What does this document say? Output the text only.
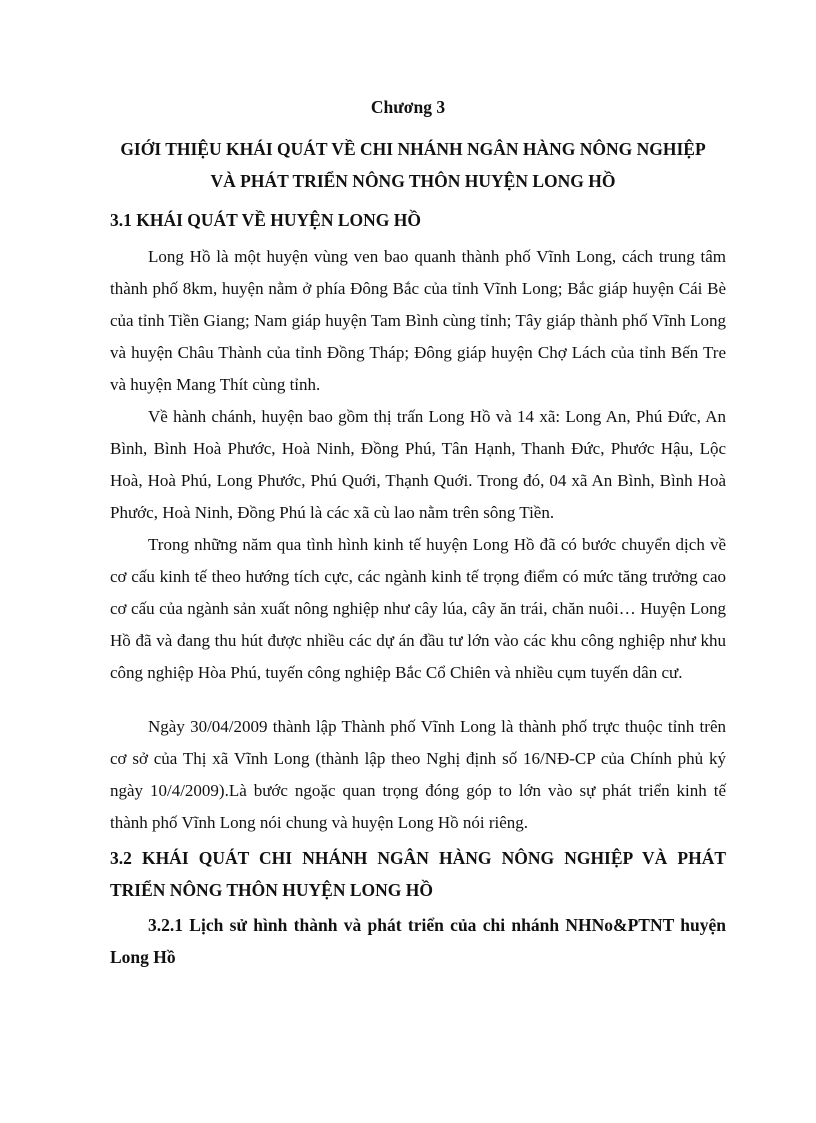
Chương 3
GIỚI THIỆU KHÁI QUÁT VỀ CHI NHÁNH NGÂN HÀNG NÔNG NGHIỆP VÀ PHÁT TRIỂN NÔNG THÔN HUYỆN LONG HỒ
3.1 KHÁI QUÁT VỀ HUYỆN LONG HỒ

Long Hồ là một huyện vùng ven bao quanh thành phố Vĩnh Long, cách trung tâm thành phố 8km, huyện nằm ở phía Đông Bắc của tỉnh Vĩnh Long; Bắc giáp huyện Cái Bè của tỉnh Tiền Giang; Nam giáp huyện Tam Bình cùng tỉnh; Tây giáp thành phố Vĩnh Long và huyện Châu Thành của tỉnh Đồng Tháp; Đông giáp huyện Chợ Lách của tỉnh Bến Tre và huyện Mang Thít cùng tỉnh.

Về hành chánh, huyện bao gồm thị trấn Long Hồ và 14 xã: Long An, Phú Đức, An Bình, Bình Hoà Phước, Hoà Ninh, Đồng Phú, Tân Hạnh, Thanh Đức, Phước Hậu, Lộc Hoà, Hoà Phú, Long Phước, Phú Quới, Thạnh Quới. Trong đó, 04 xã An Bình, Bình Hoà Phước, Hoà Ninh, Đồng Phú là các xã cù lao nằm trên sông Tiền.

Trong những năm qua tình hình kinh tế huyện Long Hồ đã có bước chuyển dịch về cơ cấu kinh tế theo hướng tích cực, các ngành kinh tế trọng điểm có mức tăng trưởng cao cơ cấu của ngành sản xuất nông nghiệp như cây lúa, cây ăn trái, chăn nuôi… Huyện Long Hồ đã và đang thu hút được nhiều các dự án đầu tư lớn vào các khu công nghiệp như khu công nghiệp Hòa Phú, tuyến công nghiệp Bắc Cổ Chiên và nhiều cụm tuyến dân cư.

Ngày 30/04/2009 thành lập Thành phố Vĩnh Long là thành phố trực thuộc tỉnh trên cơ sở của Thị xã Vĩnh Long (thành lập theo Nghị định số 16/NĐ-CP của Chính phủ ký ngày 10/4/2009).Là bước ngoặc quan trọng đóng góp to lớn vào sự phát triển kinh tế thành phố Vĩnh Long nói chung và huyện Long Hồ nói riêng.

3.2 KHÁI QUÁT CHI NHÁNH NGÂN HÀNG NÔNG NGHIỆP VÀ PHÁT TRIỂN NÔNG THÔN HUYỆN LONG HỒ
3.2.1 Lịch sử hình thành và phát triển của chi nhánh NHNo&PTNT huyện Long Hồ
